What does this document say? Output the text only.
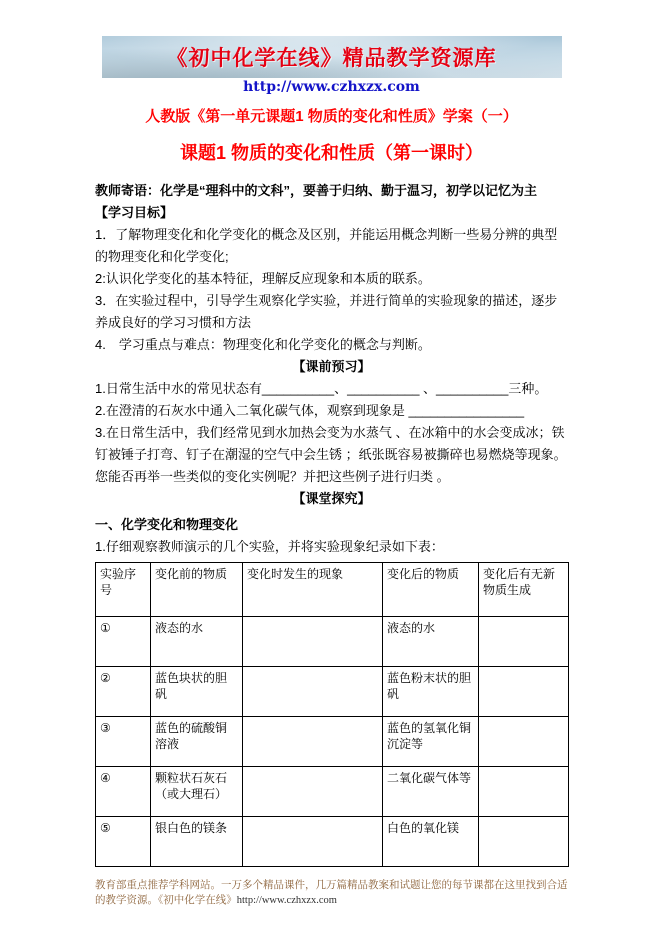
《初中化学在线》精品教学资源库
http://www.czhxzx.com
人教版《第一单元课题1 物质的变化和性质》学案（一）
课题1 物质的变化和性质（第一课时）

教师寄语：化学是“理科中的文科”，要善于归纳、勤于温习，初学以记忆为主

【学习目标】

1．了解物理变化和化学变化的概念及区别，并能运用概念判断一些易分辨的典型的物理变化和化学变化;

2:认识化学变化的基本特征，理解反应现象和本质的联系。

3．在实验过程中，引导学生观察化学实验，并进行简单的实验现象的描述，逐步养成良好的学习习惯和方法

4.　学习重点与难点：物理变化和化学变化的概念与判断。

【课前预习】

1.日常生活中水的常见状态有__________、__________ 、__________三种。

2.在澄清的石灰水中通入二氧化碳气体，观察到现象是 ________________

3.在日常生活中，我们经常见到水加热会变为水蒸气 、在冰箱中的水会变成冰；铁钉被锤子打弯、钉子在潮湿的空气中会生锈 ；纸张既容易被撕碎也易燃烧等现象。您能否再举一些类似的变化实例呢？并把这些例子进行归类 。

【课堂探究】

一、化学变化和物理变化

1.仔细观察教师演示的几个实验，并将实验现象纪录如下表：

实验序号	变化前的物质	变化时发生的现象	变化后的物质	变化后有无新物质生成
①	液态的水		液态的水	
②	蓝色块状的胆矾		蓝色粉末状的胆矾	
③	蓝色的硫酸铜溶液		蓝色的氢氧化铜沉淀等	
④	颗粒状石灰石（或大理石）		二氧化碳气体等	
⑤	银白色的镁条		白色的氧化镁	
教育部重点推荐学科网站。一万多个精品课件，几万篇精品教案和试题让您的每节课都在这里找到合适的教学资源。《初中化学在线》http://www.czhxzx.com
